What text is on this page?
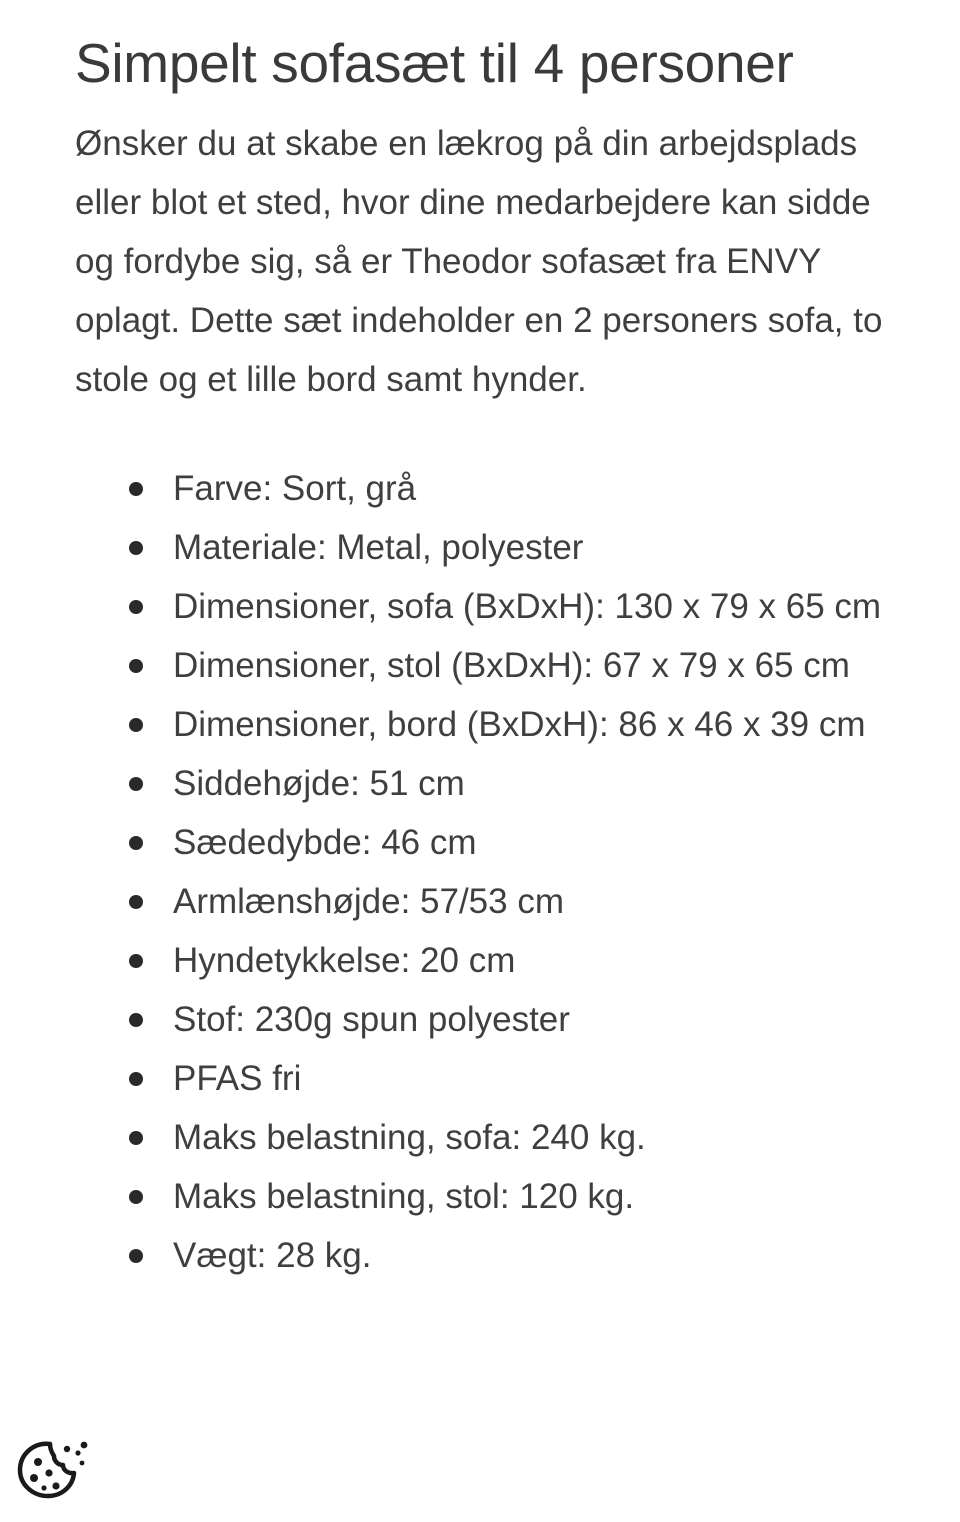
Simpelt sofasæt til 4 personer

Ønsker du at skabe en lækrog på din arbejdsplads eller blot et sted, hvor dine medarbejdere kan sidde og fordybe sig, så er Theodor sofasæt fra ENVY oplagt. Dette sæt indeholder en 2 personers sofa, to stole og et lille bord samt hynder.

Farve: Sort, grå
Materiale: Metal, polyester
Dimensioner, sofa (BxDxH): 130 x 79 x 65 cm
Dimensioner, stol (BxDxH): 67 x 79 x 65 cm
Dimensioner, bord (BxDxH): 86 x 46 x 39 cm
Siddehøjde: 51 cm
Sædedybde: 46 cm
Armlænshøjde: 57/53 cm
Hyndetykkelse: 20 cm
Stof: 230g spun polyester
PFAS fri
Maks belastning, sofa: 240 kg.
Maks belastning, stol: 120 kg.
Vægt: 28 kg.
